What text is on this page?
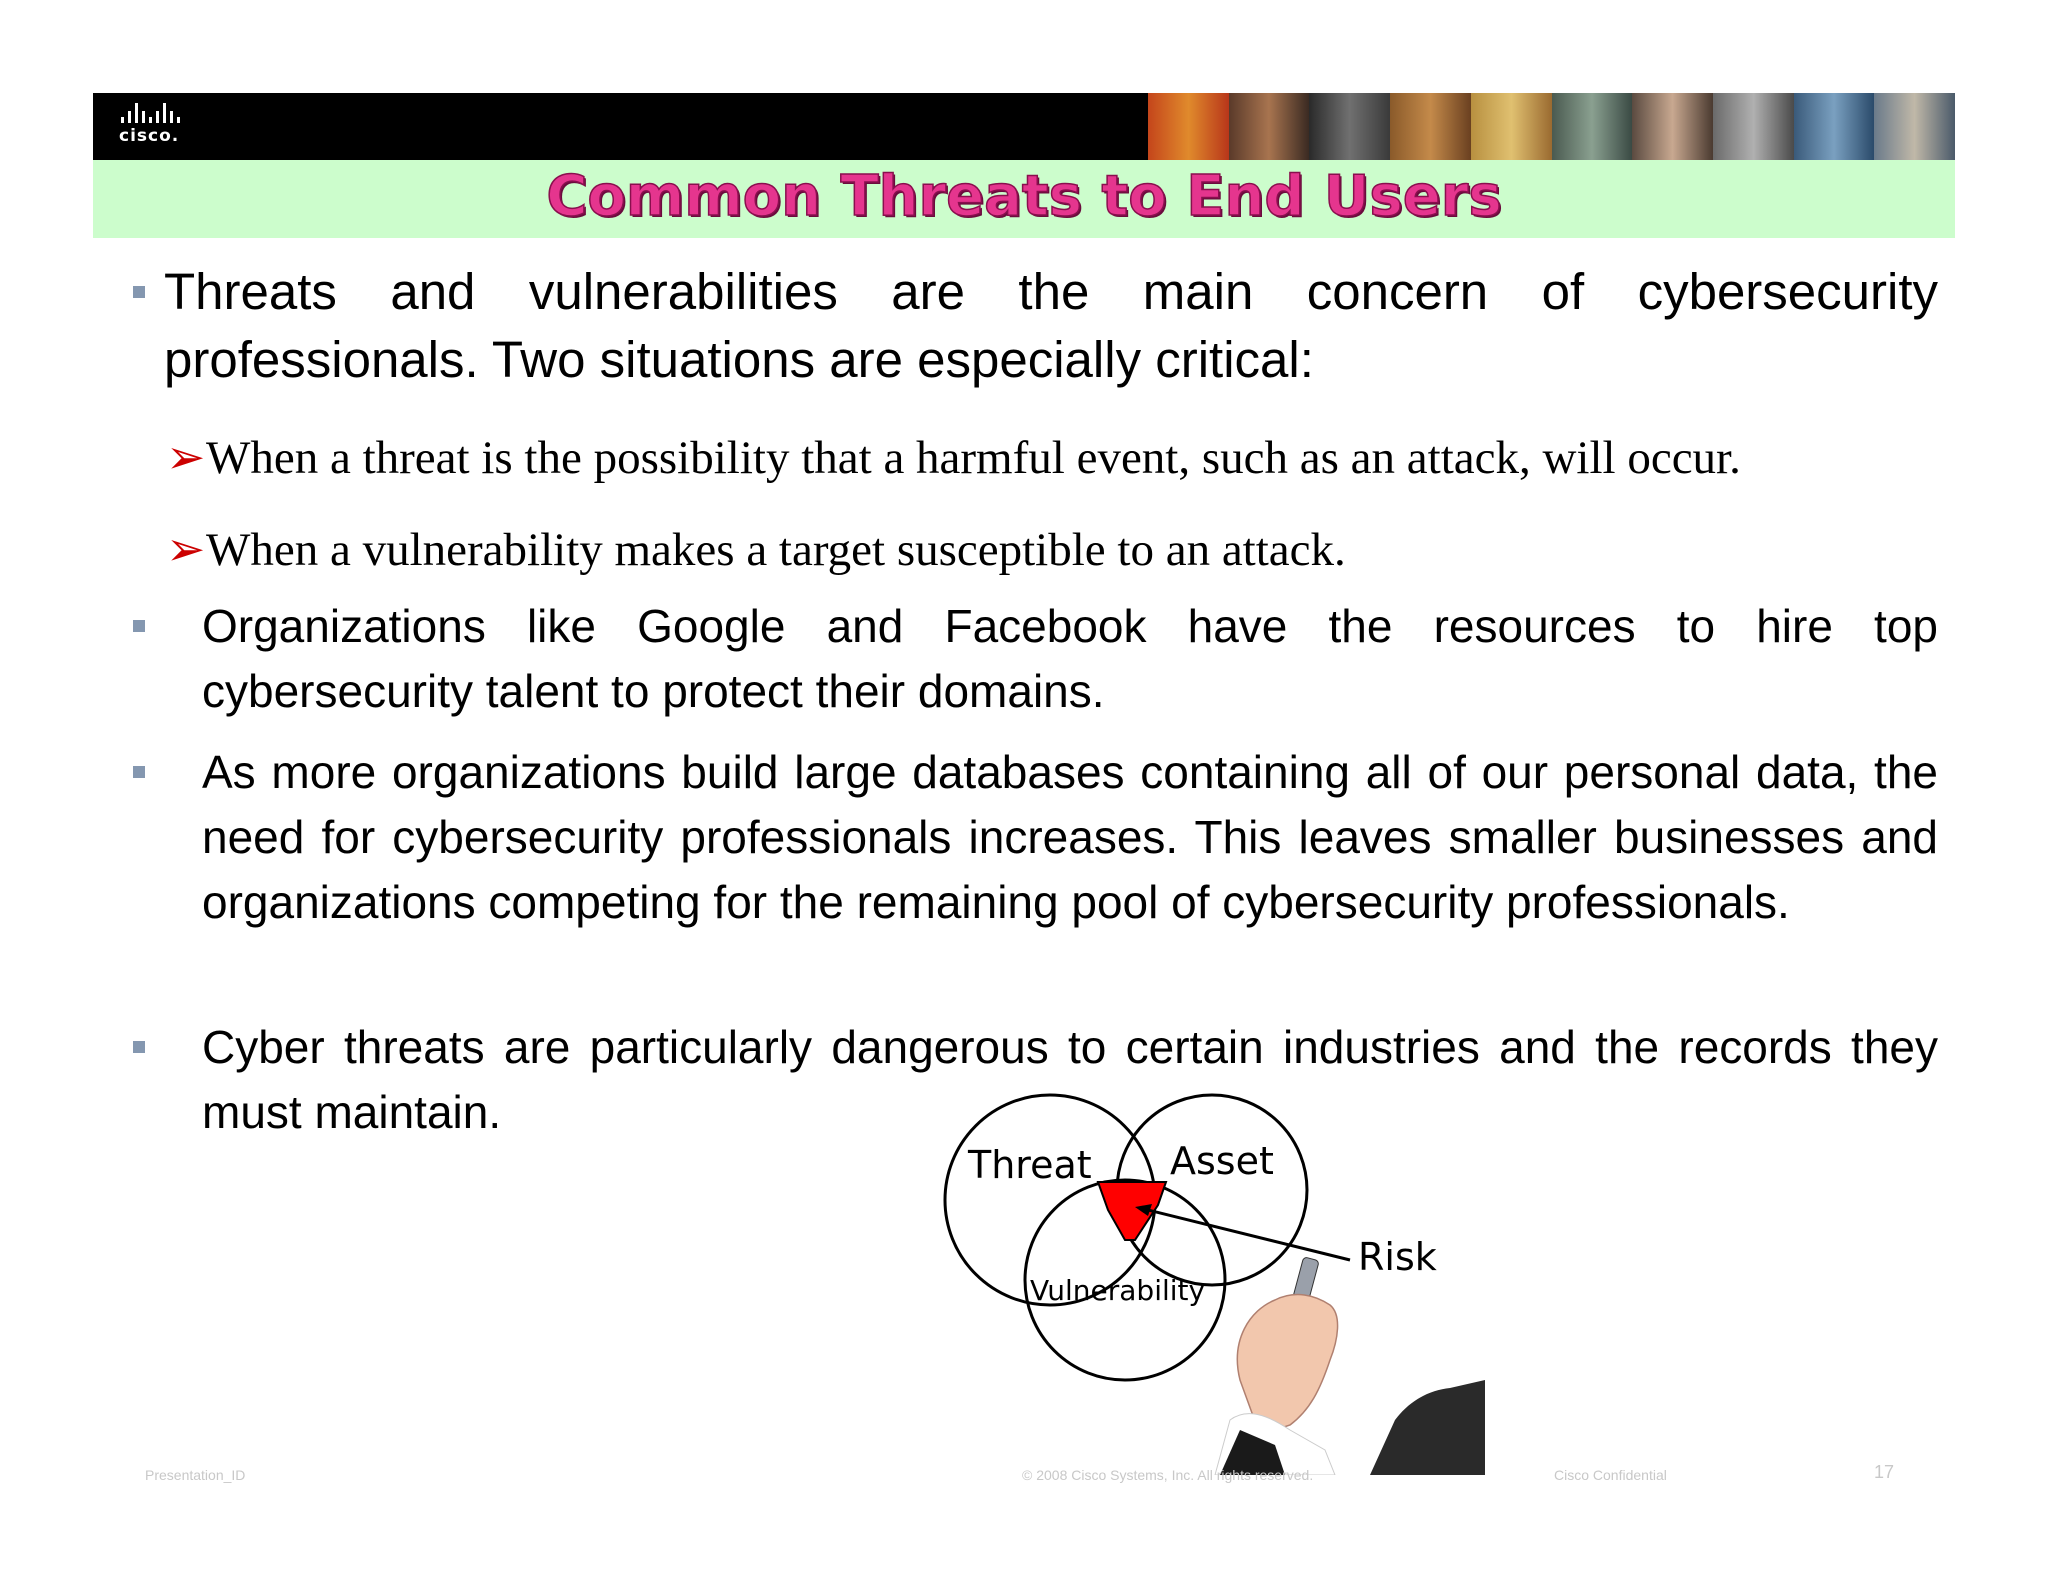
cisco.
Common Threats to End Users
Threats and vulnerabilities are the main concern of cybersecurity professionals. Two situations are especially critical:
➢When a threat is the possibility that a harmful event, such as an attack, will occur.
➢When a vulnerability makes a target susceptible to an attack.
Organizations like Google and Facebook have the resources to hire top cybersecurity talent to protect their domains.
As more organizations build large databases containing all of our personal data, the need for cybersecurity professionals increases. This leaves smaller businesses and organizations competing for the remaining pool of cybersecurity professionals.
Cyber threats are particularly dangerous to certain industries and the records they must maintain.
Threat Asset
Vulnerability
Risk
Presentation_ID	© 2008 Cisco Systems, Inc. All rights reserved.	Cisco Confidential	17
